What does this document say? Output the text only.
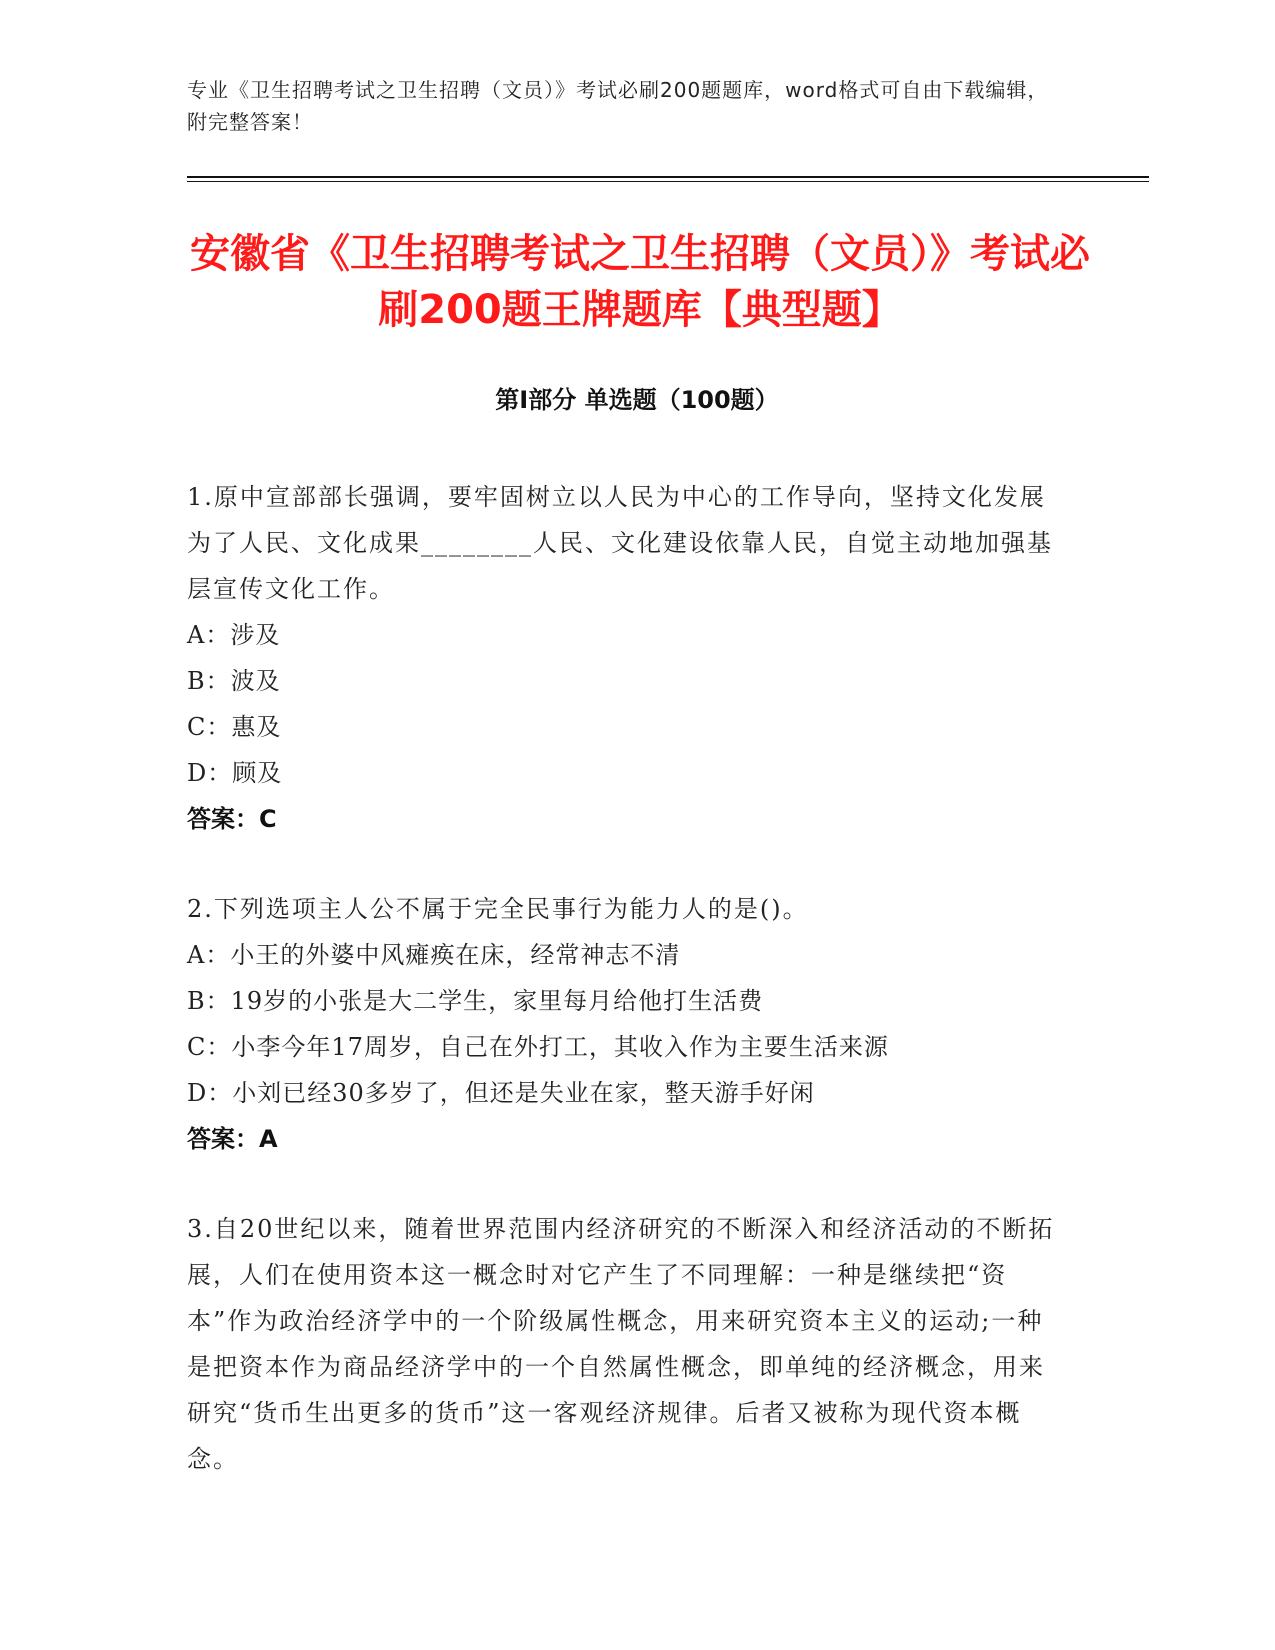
专业《卫生招聘考试之卫生招聘（文员）》考试必刷200题题库，word格式可自由下载编辑，附完整答案！
安徽省《卫生招聘考试之卫生招聘（文员）》考试必刷200题王牌题库【典型题】
第I部分 单选题（100题）
1.原中宣部部长强调，要牢固树立以人民为中心的工作导向，坚持文化发展为了人民、文化成果________人民、文化建设依靠人民，自觉主动地加强基层宣传文化工作。
A：涉及
B：波及
C：惠及
D：顾及
答案：C
2.下列选项主人公不属于完全民事行为能力人的是()。
A：小王的外婆中风瘫痪在床，经常神志不清
B：19岁的小张是大二学生，家里每月给他打生活费
C：小李今年17周岁，自己在外打工，其收入作为主要生活来源
D：小刘已经30多岁了，但还是失业在家，整天游手好闲
答案：A
3.自20世纪以来，随着世界范围内经济研究的不断深入和经济活动的不断拓展，人们在使用资本这一概念时对它产生了不同理解：一种是继续把“资本”作为政治经济学中的一个阶级属性概念，用来研究资本主义的运动;一种是把资本作为商品经济学中的一个自然属性概念，即单纯的经济概念，用来研究“货币生出更多的货币”这一客观经济规律。后者又被称为现代资本概念。
